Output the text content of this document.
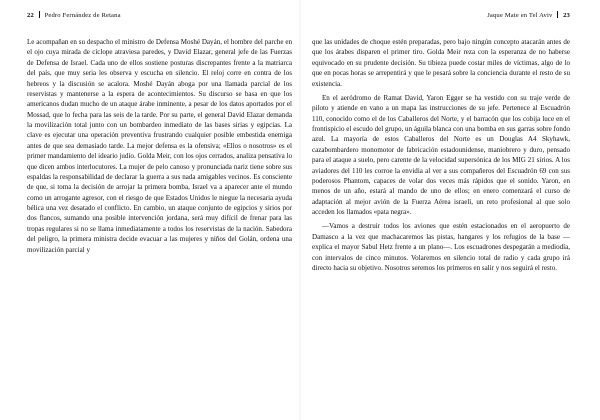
22 Pedro Fernández de Retana

Le acompañan en su despacho el ministro de Defensa Moshé Dayán, el hombre del parche en el ojo cuya mirada de cíclope atraviesa paredes, y David Elazar, general jefe de las Fuerzas de Defensa de Israel. Cada uno de ellos sostiene posturas discrepantes frente a la matriarca del país, que muy seria les observa y escucha en silencio. El reloj corre en contra de los hebreos y la discusión se acalora. Moshé Dayán aboga por una llamada parcial de los reservistas y mantenerse a la espera de acontecimientos. Su discurso se basa en que los americanos dudan mucho de un ataque árabe inminente, a pesar de los datos aportados por el Mossad, que lo fecha para las seis de la tarde. Por su parte, el general David Elazar demanda la movilización total junto con un bombardeo inmediato de las bases sirias y egipcias. La clave es ejecutar una operación preventiva frustrando cualquier posible embestida enemiga antes de que sea demasiado tarde. La mejor defensa es la ofensiva; «Ellos o nosotros» es el primer mandamiento del ideario judío. Golda Meir, con los ojos cerrados, analiza pensativa lo que dicen ambos interlocutores. La mujer de pelo canoso y pronunciada nariz tiene sobre sus espaldas la responsabilidad de declarar la guerra a sus nada amigables vecinos. Es consciente de que, si toma la decisión de arrojar la primera bomba, Israel va a aparecer ante el mundo como un arrogante agresor, con el riesgo de que Estados Unidos le niegue la necesaria ayuda bélica una vez desatado el conflicto. En cambio, un ataque conjunto de egipcios y sirios por dos flancos, sumando una posible intervención jordana, será muy difícil de frenar para las tropas regulares si no se llama inmediatamente a todos los reservistas de la nación. Sabedora del peligro, la primera ministra decide evacuar a las mujeres y niños del Golán, ordena una movilización parcial y

Jaque Mate en Tel Aviv 23

que las unidades de choque estén preparadas, pero bajo ningún concepto atacarán antes de que los árabes disparen el primer tiro. Golda Meir reza con la esperanza de no haberse equivocado en su prudente decisión. Su tibieza puede costar miles de víctimas, algo de lo que en pocas horas se arrepentirá y que le pesará sobre la conciencia durante el resto de su existencia.

En el aeródromo de Ramat David, Yaron Egger se ha vestido con su traje verde de piloto y atiende en vano a un mapa las instrucciones de su jefe. Pertenece al Escuadrón 110, conocido como el de los Caballeros del Norte, y el barracón que los cobija luce en el frontispicio el escudo del grupo, un águila blanca con una bomba en sus garras sobre fondo azul. La mayoría de estos Caballeros del Norte es un Douglas A4 Skyhawk, cazabombardero monomotor de fabricación estadounidense, maniobrero y duro, pensado para el ataque a suelo, pero carente de la velocidad supersónica de los MIG 21 sirios. A los aviadores del 110 les corroe la envidia al ver a sus compañeros del Escuadrón 69 con sus poderosos Phantom, capaces de volar dos veces más rápidos que el sonido. Yaron, en menos de un año, estará al mando de uno de ellos; en enero comenzará el curso de adaptación al mejor avión de la Fuerza Aérea israelí, un reto profesional al que solo acceden los llamados «pata negra».

—Vamos a destruir todos los aviones que estén estacionados en el aeropuerto de Damasco a la vez que machacaremos las pistas, hangares y los refugios de la base —explica el mayor Sabul Hetz frente a un plano—. Los escuadrones despegarán a mediodía, con intervalos de cinco minutos. Volaremos en silencio total de radio y cada grupo irá directo hacia su objetivo. Nosotros seremos los primeros en salir y nos seguirá el resto.
